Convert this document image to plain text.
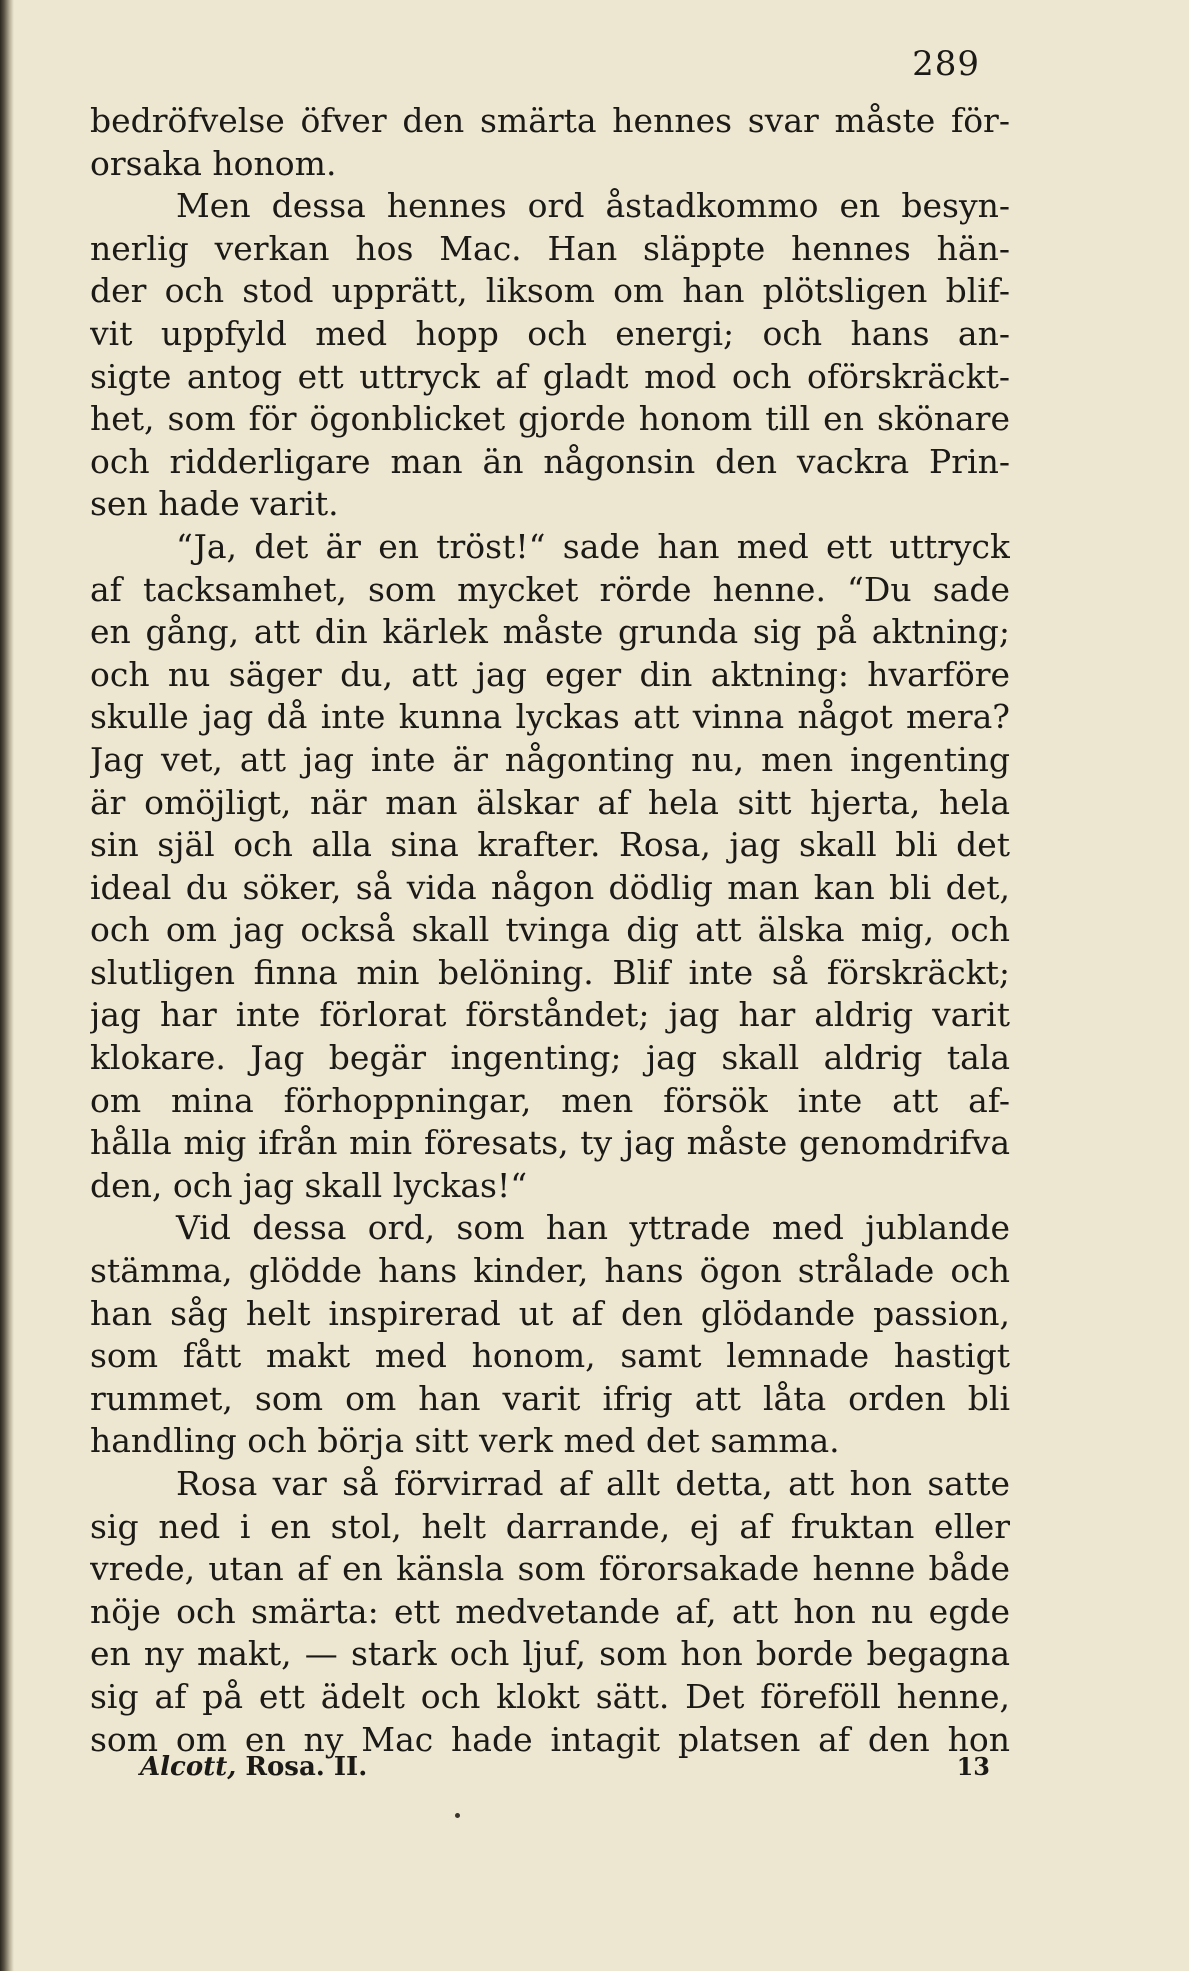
289
bedröfvelse öfver den smärta hennes svar måste för-
orsaka honom.
Men dessa hennes ord åstadkommo en besyn-
nerlig verkan hos Mac. Han släppte hennes hän-
der och stod upprätt, liksom om han plötsligen blif-
vit uppfyld med hopp och energi; och hans an-
sigte antog ett uttryck af gladt mod och oförskräckt-
het, som för ögonblicket gjorde honom till en skönare
och ridderligare man än någonsin den vackra Prin-
sen hade varit.
“Ja, det är en tröst!“ sade han med ett uttryck
af tacksamhet, som mycket rörde henne. “Du sade
en gång, att din kärlek måste grunda sig på aktning;
och nu säger du, att jag eger din aktning: hvarföre
skulle jag då inte kunna lyckas att vinna något mera?
Jag vet, att jag inte är någonting nu, men ingenting
är omöjligt, när man älskar af hela sitt hjerta, hela
sin själ och alla sina krafter. Rosa, jag skall bli det
ideal du söker, så vida någon dödlig man kan bli det,
och om jag också skall tvinga dig att älska mig, och
slutligen finna min belöning. Blif inte så förskräckt;
jag har inte förlorat förståndet; jag har aldrig varit
klokare. Jag begär ingenting; jag skall aldrig tala
om mina förhoppningar, men försök inte att af-
hålla mig ifrån min föresats, ty jag måste genomdrifva
den, och jag skall lyckas!“
Vid dessa ord, som han yttrade med jublande
stämma, glödde hans kinder, hans ögon strålade och
han såg helt inspirerad ut af den glödande passion,
som fått makt med honom, samt lemnade hastigt
rummet, som om han varit ifrig att låta orden bli
handling och börja sitt verk med det samma.
Rosa var så förvirrad af allt detta, att hon satte
sig ned i en stol, helt darrande, ej af fruktan eller
vrede, utan af en känsla som förorsakade henne både
nöje och smärta: ett medvetande af, att hon nu egde
en ny makt, — stark och ljuf, som hon borde begagna
sig af på ett ädelt och klokt sätt. Det föreföll henne,
som om en ny Mac hade intagit platsen af den hon
Alcott, Rosa. II.	13
